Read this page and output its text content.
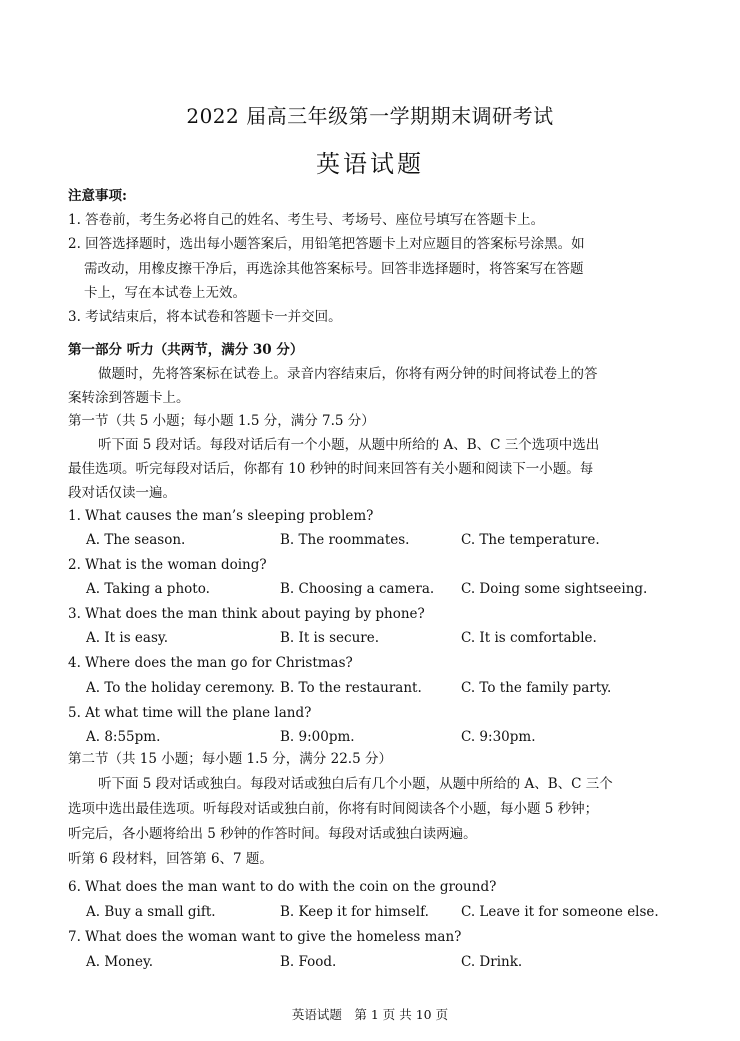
2022 届高三年级第一学期期末调研考试
英语试题
注意事项:
1. 答卷前，考生务必将自己的姓名、考生号、考场号、座位号填写在答题卡上。
2. 回答选择题时，选出每小题答案后，用铅笔把答题卡上对应题目的答案标号涂黑。如
需改动，用橡皮擦干净后，再选涂其他答案标号。回答非选择题时，将答案写在答题
卡上，写在本试卷上无效。
3. 考试结束后，将本试卷和答题卡一并交回。
第一部分 听力（共两节，满分 30 分）
做题时，先将答案标在试卷上。录音内容结束后，你将有两分钟的时间将试卷上的答
案转涂到答题卡上。
第一节（共 5 小题；每小题 1.5 分，满分 7.5 分）
听下面 5 段对话。每段对话后有一个小题，从题中所给的 A、B、C 三个选项中选出
最佳选项。听完每段对话后，你都有 10 秒钟的时间来回答有关小题和阅读下一小题。每
段对话仅读一遍。
1. What causes the man’s sleeping problem?
A. The season.	B. The roommates.	C. The temperature.
2. What is the woman doing?
A. Taking a photo.	B. Choosing a camera. C. Doing some sightseeing.
3. What does the man think about paying by phone?
A. It is easy.	B. It is secure.	C. It is comfortable.
4. Where does the man go for Christmas?
A. To the holiday ceremony. B. To the restaurant.	C. To the family party.
5. At what time will the plane land?
A. 8:55pm.	B. 9:00pm.	C. 9:30pm.
第二节（共 15 小题；每小题 1.5 分，满分 22.5 分）
听下面 5 段对话或独白。每段对话或独白后有几个小题，从题中所给的 A、B、C 三个
选项中选出最佳选项。听每段对话或独白前，你将有时间阅读各个小题，每小题 5 秒钟；
听完后，各小题将给出 5 秒钟的作答时间。每段对话或独白读两遍。
听第 6 段材料，回答第 6、7 题。
6. What does the man want to do with the coin on the ground?
A. Buy a small gift.	B. Keep it for himself. C. Leave it for someone else.
7. What does the woman want to give the homeless man?
A. Money.	B. Food.	C. Drink.
英语试题　第 1 页 共 10 页
